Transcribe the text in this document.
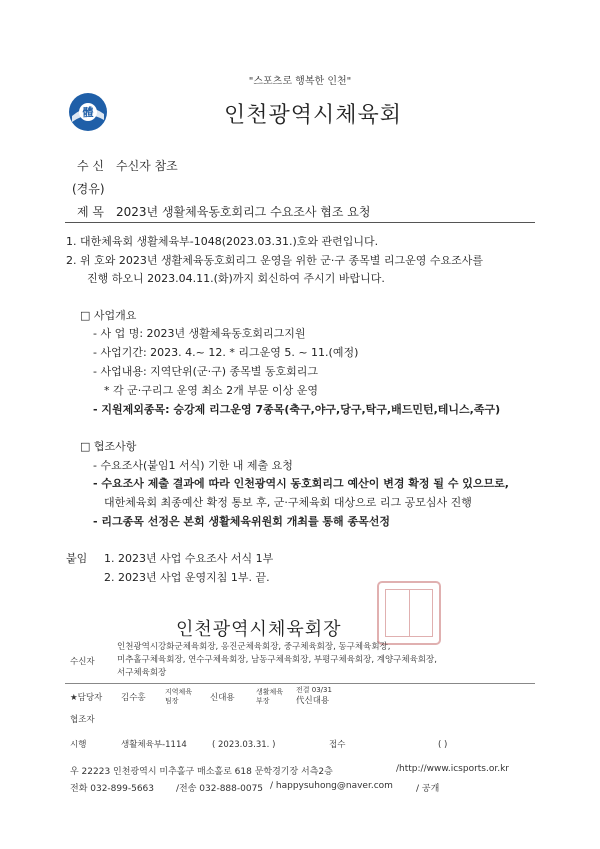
"스포츠로 행복한 인천"
體	인천광역시체육회
수 신 수신자 참조
(경유)
제 목 2023년 생활체육동호회리그 수요조사 협조 요청
1. 대한체육회 생활체육부-1048(2023.03.31.)호와 관련입니다.
2. 위 호와 2023년 생활체육동호회리그 운영을 위한 군·구 종목별 리그운영 수요조사를
진행 하오니 2023.04.11.(화)까지 회신하여 주시기 바랍니다.
□ 사업개요
- 사 업 명: 2023년 생활체육동호회리그지원
- 사업기간: 2023. 4.~ 12. * 리그운영 5. ~ 11.(예정)
- 사업내용: 지역단위(군·구) 종목별 동호회리그
* 각 군·구리그 운영 최소 2개 부문 이상 운영
- 지원제외종목: 승강제 리그운영 7종목(축구,야구,당구,탁구,배드민턴,테니스,족구)
□ 협조사항
- 수요조사(붙임1 서식) 기한 내 제출 요청
- 수요조사 제출 결과에 따라 인천광역시 동호회리그 예산이 변경 확정 될 수 있으므로,
대한체육회 최종예산 확정 통보 후, 군·구체육회 대상으로 리그 공모심사 진행
- 리그종목 선정은 본회 생활체육위원회 개최를 통해 종목선정
붙임 1. 2023년 사업 수요조사 서식 1부
2. 2023년 사업 운영지침 1부. 끝.
인천광역시체육회장
수신자
인천광역시강화군체육회장, 옹진군체육회장, 중구체육회장, 동구체육회장,
미추홀구체육회장, 연수구체육회장, 남동구체육회장, 부평구체육회장, 계양구체육회장,
서구체육회장
★담당자 김수홍
지역체육
팀장	신대용
생활체육
부장
전결 03/31
代신대용
협조자
시행	생활체육부-1114	( 2023.03.31. )	접수	( )
우 22223 인천광역시 미추홀구 매소홀로 618 문학경기장 서측2층	/http://www.icsports.or.kr
전화 032-899-5663 /전송 032-888-0075 / happysuhong@naver.com	/ 공개
